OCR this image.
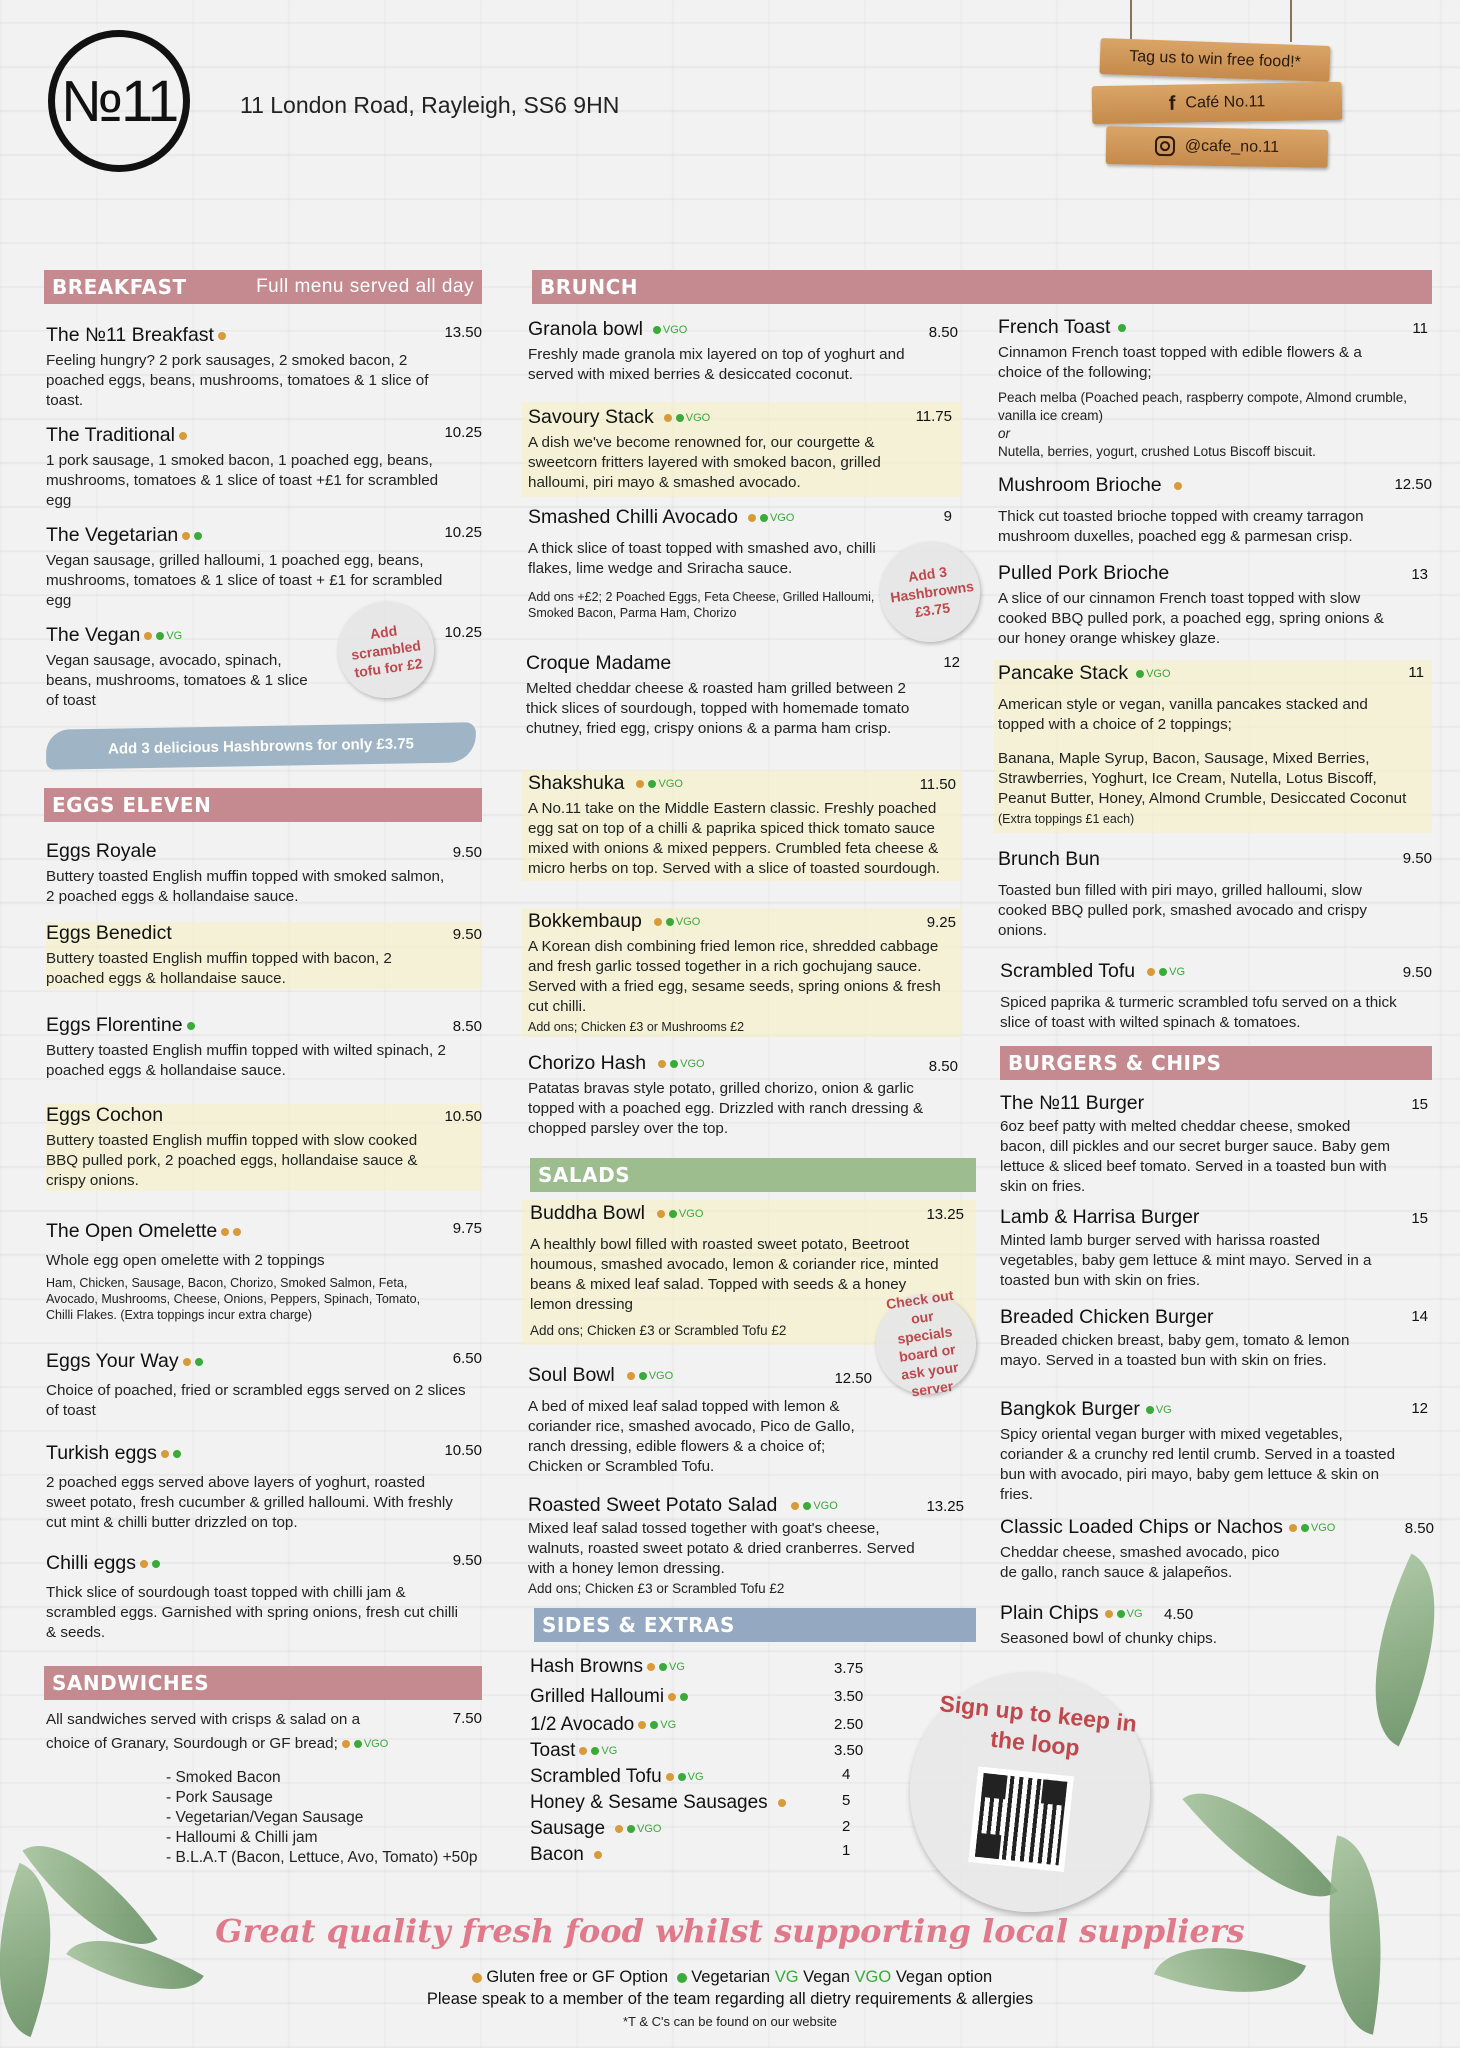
№11	11 London Road, Rayleigh, SS6 9HN
Tag us to win free food!*
f Café No.11
@cafe_no.11
BREAKFAST	Full menu served all day
The №11 Breakfast	13.50
Feeling hungry? 2 pork sausages, 2 smoked bacon, 2 poached eggs, beans, mushrooms, tomatoes & 1 slice of toast.
The Traditional	10.25
1 pork sausage, 1 smoked bacon, 1 poached egg, beans, mushrooms, tomatoes & 1 slice of toast +£1 for scrambled egg
The Vegetarian	10.25
Vegan sausage, grilled halloumi, 1 poached egg, beans, mushrooms, tomatoes & 1 slice of toast + £1 for scrambled egg
The Vegan VG	10.25
Vegan sausage, avocado, spinach, beans, mushrooms, tomatoes & 1 slice of toast
Add scrambled tofu for £2
Add 3 delicious Hashbrowns for only £3.75
EGGS ELEVEN
Eggs Royale	9.50
Buttery toasted English muffin topped with smoked salmon, 2 poached eggs & hollandaise sauce.
Eggs Benedict	9.50
Buttery toasted English muffin topped with bacon, 2 poached eggs & hollandaise sauce.
Eggs Florentine	8.50
Buttery toasted English muffin topped with wilted spinach, 2 poached eggs & hollandaise sauce.
Eggs Cochon	10.50
Buttery toasted English muffin topped with slow cooked BBQ pulled pork, 2 poached eggs, hollandaise sauce & crispy onions.
The Open Omelette	9.75
Whole egg open omelette with 2 toppings
Ham, Chicken, Sausage, Bacon, Chorizo, Smoked Salmon, Feta, Avocado, Mushrooms, Cheese, Onions, Peppers, Spinach, Tomato, Chilli Flakes. (Extra toppings incur extra charge)
Eggs Your Way	6.50
Choice of poached, fried or scrambled eggs served on 2 slices of toast
Turkish eggs	10.50
2 poached eggs served above layers of yoghurt, roasted sweet potato, fresh cucumber & grilled halloumi. With freshly cut mint & chilli butter drizzled on top.
Chilli eggs	9.50
Thick slice of sourdough toast topped with chilli jam & scrambled eggs. Garnished with spring onions, fresh cut chilli & seeds.
SANDWICHES
All sandwiches served with crisps & salad on a choice of Granary, Sourdough or GF bread; VGO
7.50
- Smoked Bacon
- Pork Sausage
- Vegetarian/Vegan Sausage
- Halloumi & Chilli jam
- B.L.A.T (Bacon, Lettuce, Avo, Tomato) +50p
BRUNCH
Granola bowl VGO	8.50
Freshly made granola mix layered on top of yoghurt and served with mixed berries & desiccated coconut.
Savoury Stack	VGO	11.75
A dish we've become renowned for, our courgette & sweetcorn fritters layered with smoked bacon, grilled halloumi, piri mayo & smashed avocado.
Smashed Chilli Avocado	VGO	9
A thick slice of toast topped with smashed avo, chilli flakes, lime wedge and Sriracha sauce.
Add ons +£2; 2 Poached Eggs, Feta Cheese, Grilled Halloumi, Smoked Bacon, Parma Ham, Chorizo
Add 3 Hashbrowns £3.75
Croque Madame	12
Melted cheddar cheese & roasted ham grilled between 2 thick slices of sourdough, topped with homemade tomato chutney, fried egg, crispy onions & a parma ham crisp.
Shakshuka	VGO	11.50
A No.11 take on the Middle Eastern classic. Freshly poached egg sat on top of a chilli & paprika spiced thick tomato sauce mixed with onions & mixed peppers. Crumbled feta cheese & micro herbs on top. Served with a slice of toasted sourdough.
Bokkembaup	VGO	9.25
A Korean dish combining fried lemon rice, shredded cabbage and fresh garlic tossed together in a rich gochujang sauce. Served with a fried egg, sesame seeds, spring onions & fresh cut chilli.
Add ons; Chicken £3 or Mushrooms £2
Chorizo Hash	VGO	8.50
Patatas bravas style potato, grilled chorizo, onion & garlic topped with a poached egg. Drizzled with ranch dressing & chopped parsley over the top.
French Toast	11
Cinnamon French toast topped with edible flowers & a choice of the following;
Peach melba (Poached peach, raspberry compote, Almond crumble, vanilla ice cream)
or
Nutella, berries, yogurt, crushed Lotus Biscoff biscuit.
Mushroom Brioche	12.50
Thick cut toasted brioche topped with creamy tarragon mushroom duxelles, poached egg & parmesan crisp.
Pulled Pork Brioche	13
A slice of our cinnamon French toast topped with slow cooked BBQ pulled pork, a poached egg, spring onions & our honey orange whiskey glaze.
Pancake Stack VGO	11
American style or vegan, vanilla pancakes stacked and topped with a choice of 2 toppings;
Banana, Maple Syrup, Bacon, Sausage, Mixed Berries, Strawberries, Yoghurt, Ice Cream, Nutella, Lotus Biscoff, Peanut Butter, Honey, Almond Crumble, Desiccated Coconut (Extra toppings £1 each)
Brunch Bun	9.50
Toasted bun filled with piri mayo, grilled halloumi, slow cooked BBQ pulled pork, smashed avocado and crispy onions.
Scrambled Tofu	VG	9.50
Spiced paprika & turmeric scrambled tofu served on a thick slice of toast with wilted spinach & tomatoes.
BURGERS & CHIPS
The №11 Burger	15
6oz beef patty with melted cheddar cheese, smoked bacon, dill pickles and our secret burger sauce. Baby gem lettuce & sliced beef tomato. Served in a toasted bun with skin on fries.
Lamb & Harrisa Burger	15
Minted lamb burger served with harissa roasted vegetables, baby gem lettuce & mint mayo. Served in a toasted bun with skin on fries.
Breaded Chicken Burger	14
Breaded chicken breast, baby gem, tomato & lemon mayo. Served in a toasted bun with skin on fries.
Bangkok Burger VG	12
Spicy oriental vegan burger with mixed vegetables, coriander & a crunchy red lentil crumb. Served in a toasted bun with avocado, piri mayo, baby gem lettuce & skin on fries.
Classic Loaded Chips or Nachos	VGO	8.50
Cheddar cheese, smashed avocado, pico de gallo, ranch sauce & jalapeños.
Plain Chips	VG	4.50
Seasoned bowl of chunky chips.
SALADS
Buddha Bowl	VGO	13.25
A healthly bowl filled with roasted sweet potato, Beetroot houmous, smashed avocado, lemon & coriander rice, minted beans & mixed leaf salad. Topped with seeds & a honey lemon dressing
Add ons; Chicken £3 or Scrambled Tofu £2
Check out our specials board or ask your server
Soul Bowl	VGO	12.50
A bed of mixed leaf salad topped with lemon & coriander rice, smashed avocado, Pico de Gallo, ranch dressing, edible flowers & a choice of; Chicken or Scrambled Tofu.
Roasted Sweet Potato Salad	VGO	13.25
Mixed leaf salad tossed together with goat's cheese, walnuts, roasted sweet potato & dried cranberres. Served with a honey lemon dressing.
Add ons; Chicken £3 or Scrambled Tofu £2
SIDES & EXTRAS
Hash Browns VG	3.75
Grilled Halloumi	3.50
1/2 Avocado VG	2.50
Toast VG	3.50
Scrambled Tofu VG	4
Honey & Sesame Sausages	5
Sausage	VGO	2
Bacon	1
Sign up to keep in the loop
Great quality fresh food whilst supporting local suppliers
Gluten free or GF Option Vegetarian VG Vegan VGO Vegan option
Please speak to a member of the team regarding all dietry requirements & allergies
*T & C's can be found on our website
